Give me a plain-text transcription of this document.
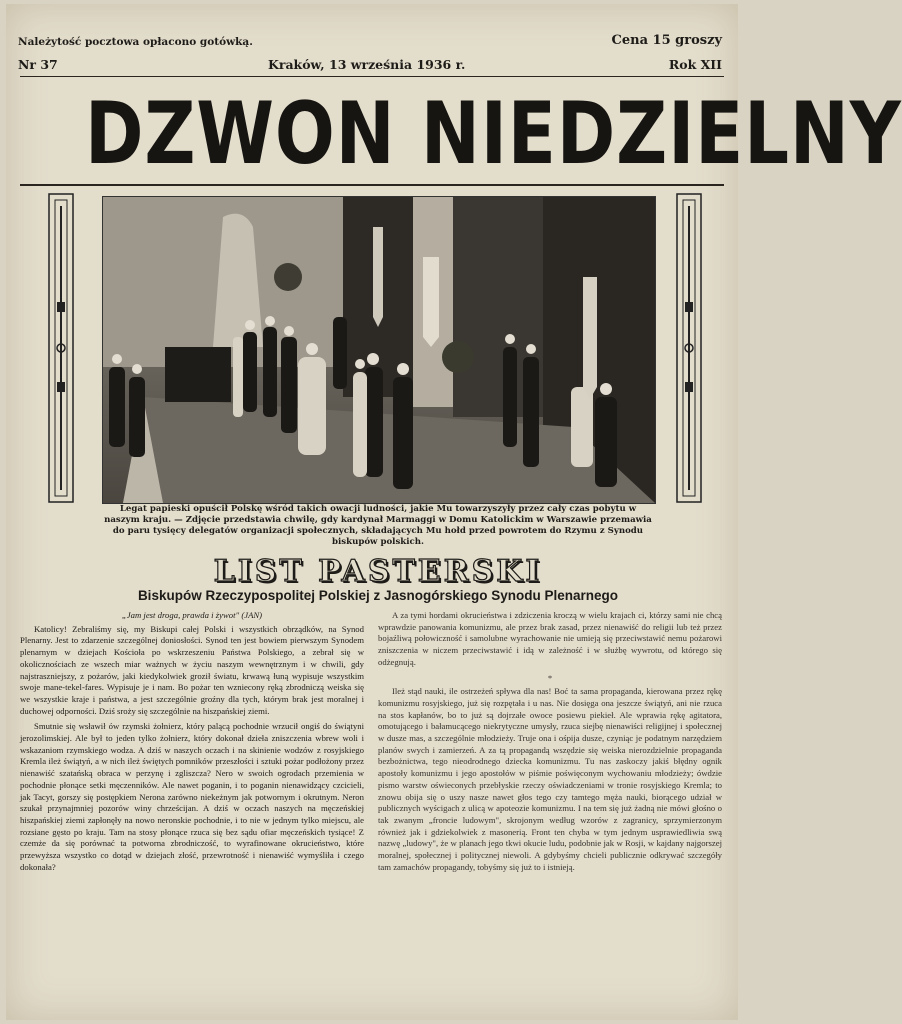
Należytość pocztowa opłacono gotówką.	Cena 15 groszy
Nr 37	Kraków, 13 września 1936 r.	Rok XII
DZWON NIEDZIELNY
Legat papieski opuścił Polskę wśród takich owacji ludności, jakie Mu towarzyszyły przez cały czas pobytu w naszym kraju. — Zdjęcie przedstawia chwilę, gdy kardynał Marmaggi w Domu Katolickim w Warszawie przemawia do paru tysięcy delegatów organizacji społecznych, składających Mu hołd przed powrotem do Rzymu z Synodu biskupów polskich.
LIST PASTERSKI
Biskupów Rzeczypospolitej Polskiej z Jasnogórskiego Synodu Plenarnego

„Jam jest droga, prawda i żywot" (JAN)

Katolicy! Zebraliśmy się, my Biskupi całej Polski i wszystkich obrządków, na Synod Plenarny. Jest to zdarzenie szczególnej doniosłości. Synod ten jest bowiem pierwszym Synodem plenarnym w dziejach Kościoła po wskrzeszeniu Państwa Polskiego, a zebrał się w okolicznościach ze wszech miar ważnych w życiu naszym wewnętrznym i w chwili, gdy najstraszniejszy, z pożarów, jaki kiedykolwiek groził światu, krwawą łuną wypisuje wszystkim swoje mane-tekel-fares. Wypisuje je i nam. Bo pożar ten wzniecony ręką zbrodniczą weiska się we wszystkie kraje i państwa, a jest szczególnie groźny dla tych, którym brak jest moralnej i duchowej odporności. Dziś sroży się szczególnie na hiszpańskiej ziemi.

Smutnie się wsławił ów rzymski żołnierz, który palącą pochodnie wrzucił ongiś do świątyni jerozolimskiej. Ale był to jeden tylko żołnierz, który dokonał dzieła zniszczenia wbrew woli i wskazaniom rzymskiego wodza. A dziś w naszych oczach i na skinienie wodzów z rosyjskiego Kremla ileż świątyń, a w nich ileż świętych pomników przeszłości i sztuki pożar podłożony przez nienawiść szatańską obraca w perzynę i zgliszcza? Nero w swoich ogrodach przemienia w pochodnie płonące setki męczenników. Ale nawet poganin, i to poganin nienawidzący czcicieli, jak Tacyt, gorszy się postępkiem Nerona zarówno niekeżnym jak potwornym i okrutnym. Neron szukał przynajmniej pozorów winy chrześcijan. A dziś w oczach naszych na męczeńskiej hiszpańskiej ziemi zapłonęły na nowo neronskie pochodnie, i to nie w jednym tylko miejscu, ale rozsiane gęsto po kraju. Tam na stosy płonące rzuca się bez sądu ofiar męczeńskich tysiące! Z czemże da się porównać ta potworna zbrodniczość, to wyrafinowane okrucieństwo, które przewyższa wszystko co dotąd w dziejach złość, przewrotność i nienawiść wymyśliła i czego dokonała?

A za tymi hordami okrucieństwa i zdziczenia kroczą w wielu krajach ci, którzy sami nie chcą wprawdzie panowania komunizmu, ale przez brak zasad, przez nienawiść do religii lub też przez bojaźliwą połowiczność i samolubne wyrachowanie nie umieją się przeciwstawić nemu pożarowi zniszczenia w niczem przeciwstawić i idą w zależność i w służbę wywrotu, od którego się odżegnują.

*

Ileż stąd nauki, ile ostrzeżeń spływa dla nas! Boć ta sama propaganda, kierowana przez rękę komunizmu rosyjskiego, już się rozpętała i u nas. Nie dosięga ona jeszcze świątyń, ani nie rzuca na stos kapłanów, bo to już są dojrzałe owoce posiewu piekieł. Ale wprawia rękę agitatora, omotującego i bałamucącego niekrytyczne umysły, rzuca siejbę nienawiści religijnej i społecznej w dusze mas, a szczególnie młodzieży. Truje ona i ośpija dusze, czyniąc je podatnym narzędziem planów swych i zamierzeń. A za tą propagandą wszędzie się weiska nierozdzielnie propaganda bezbożnictwa, tego nieodrodnego dziecka komunizmu. Tu nas zaskoczy jakiś błędny ognik apostoły komunizmu i jego apostołów w piśmie poświęconym wychowaniu młodzieży; ówdzie pismo warstw oświeconych przebłyskie rzeczy oświadczeniami w tronie rosyjskiego Kremla; to znowu obija się o uszy nasze nawet głos tego czy tamtego męża nauki, biorącego udział w publicznych wyścigach z ulicą w apoteozie komunizmu. I na tem się już żadną nie mówi głośno o tak zwanym „froncie ludowym", skrojonym według wzorów z zagranicy, sprzymierzonym również jak i gdziekolwiek z masonerią. Front ten chyba w tym jednym usprawiedliwia swą nazwę „ludowy", że w planach jego tkwi okucie ludu, podobnie jak w Rosji, w kajdany najgorszej moralnej, społecznej i politycznej niewoli. A gdybyśmy chcieli publicznie odkrywać szczegóły tam zamachów propagandy, tobyśmy się już to i istnieją.
